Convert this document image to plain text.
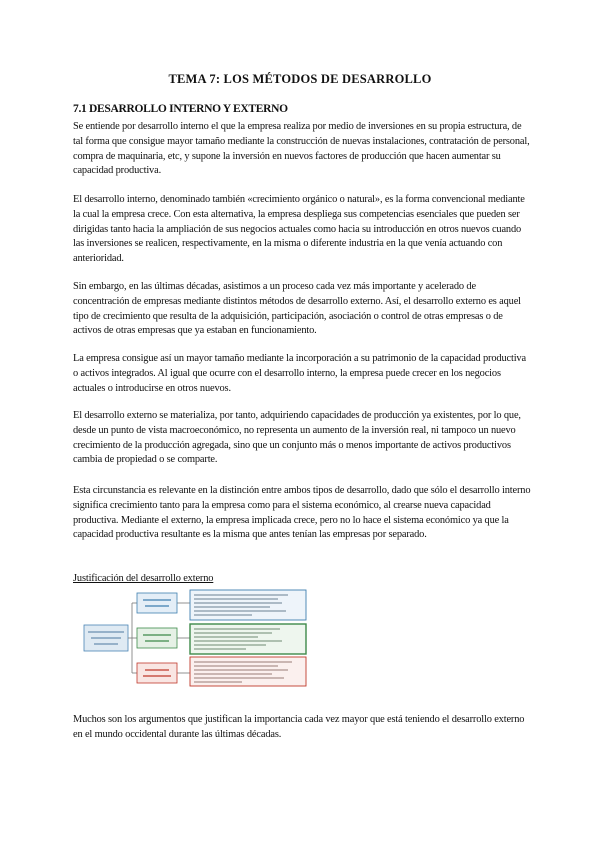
TEMA 7: LOS MÉTODOS DE DESARROLLO
7.1 DESARROLLO INTERNO Y EXTERNO

Se entiende por desarrollo interno el que la empresa realiza por medio de inversiones en su propia estructura, de tal forma que consigue mayor tamaño mediante la construcción de nuevas instalaciones, contratación de personal, compra de maquinaria, etc, y supone la inversión en nuevos factores de producción que hacen aumentar su capacidad productiva.

El desarrollo interno, denominado también «crecimiento orgánico o natural», es la forma convencional mediante la cual la empresa crece. Con esta alternativa, la empresa despliega sus competencias esenciales que pueden ser dirigidas tanto hacia la ampliación de sus negocios actuales como hacia su introducción en otros nuevos cuando las inversiones se realicen, respectivamente, en la misma o diferente industria en la que venía actuando con anterioridad.

Sin embargo, en las últimas décadas, asistimos a un proceso cada vez más importante y acelerado de concentración de empresas mediante distintos métodos de desarrollo externo. Así, el desarrollo externo es aquel tipo de crecimiento que resulta de la adquisición, participación, asociación o control de otras empresas o de activos de otras empresas que ya estaban en funcionamiento.

La empresa consigue así un mayor tamaño mediante la incorporación a su patrimonio de la capacidad productiva o activos integrados. Al igual que ocurre con el desarrollo interno, la empresa puede crecer en los negocios actuales o introducirse en otros nuevos.

El desarrollo externo se materializa, por tanto, adquiriendo capacidades de producción ya existentes, por lo que, desde un punto de vista macroeconómico, no representa un aumento de la inversión real, ni tampoco un nuevo crecimiento de la producción agregada, sino que un conjunto más o menos importante de activos productivos cambia de propiedad o se comparte.

Esta circunstancia es relevante en la distinción entre ambos tipos de desarrollo, dado que sólo el desarrollo interno significa crecimiento tanto para la empresa como para el sistema económico, al crearse nueva capacidad productiva. Mediante el externo, la empresa implicada crece, pero no lo hace el sistema económico ya que la capacidad productiva resultante es la misma que antes tenían las empresas por separado.

Justificación del desarrollo externo

Muchos son los argumentos que justifican la importancia cada vez mayor que está teniendo el desarrollo externo en el mundo occidental durante las últimas décadas.
